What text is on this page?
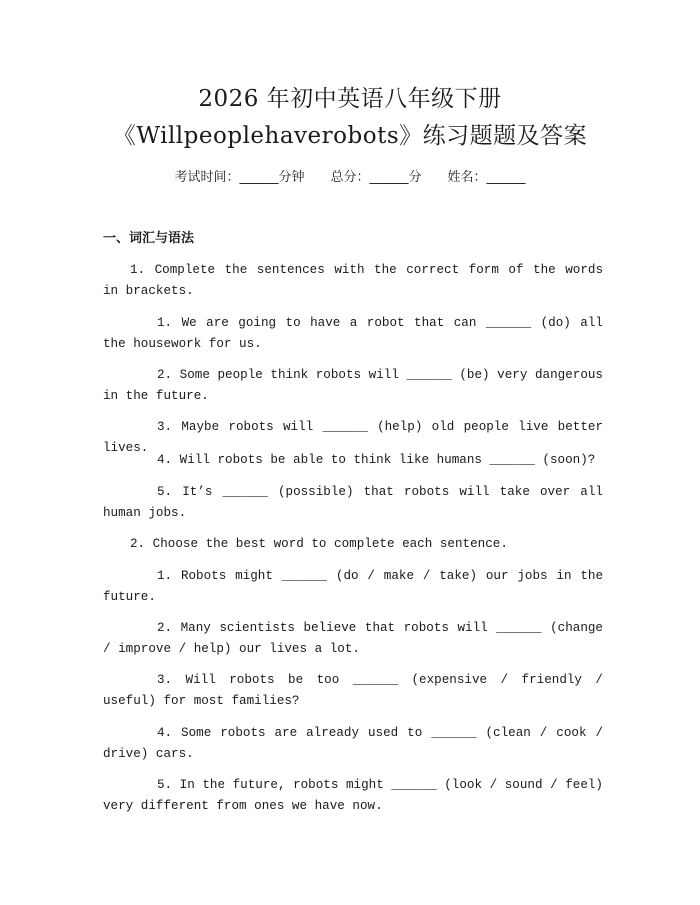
2026 年初中英语八年级下册
《Willpeoplehaverobots》练习题题及答案
考试时间：______分钟 总分：______分 姓名：______
一、词汇与语法
1. Complete the sentences with the correct form of the words in brackets.
1. We are going to have a robot that can ______ (do) all the housework for us.
2. Some people think robots will ______ (be) very dangerous in the future.
3. Maybe robots will ______ (help) old people live better lives.
4. Will robots be able to think like humans ______ (soon)?
5. It’s ______ (possible) that robots will take over all human jobs.
2. Choose the best word to complete each sentence.
1. Robots might ______ (do / make / take) our jobs in the future.
2. Many scientists believe that robots will ______ (change / improve / help) our lives a lot.
3. Will robots be too ______ (expensive / friendly / useful) for most families?
4. Some robots are already used to ______ (clean / cook / drive) cars.
5. In the future, robots might ______ (look / sound / feel) very different from ones we have now.
